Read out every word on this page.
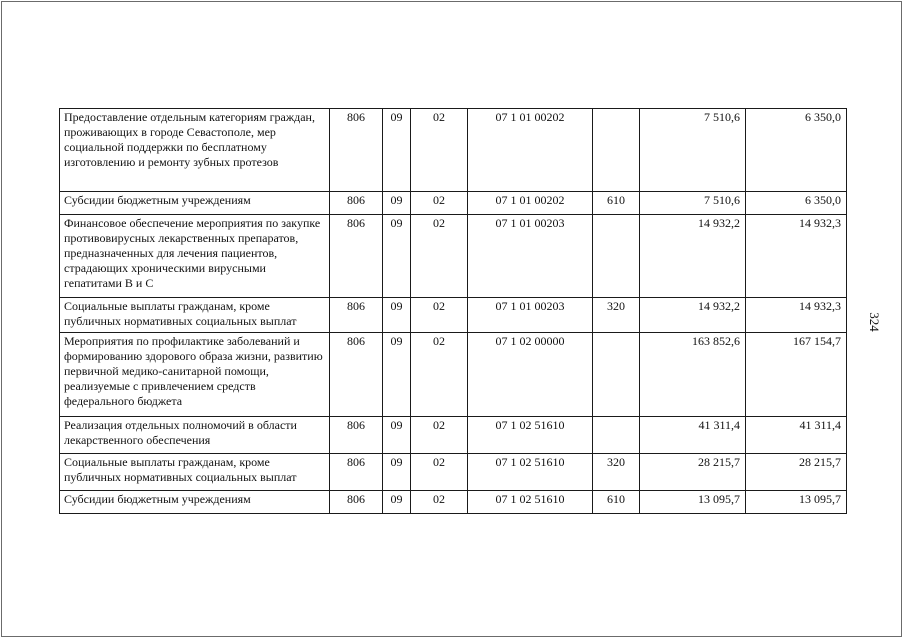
Предоставление отдельным категориям граждан, проживающих в городе Севастополе, мер социальной поддержки по бесплатному изготовлению и ремонту зубных протезов	806	09	02	07 1 01 00202		7 510,6	6 350,0
Субсидии бюджетным учреждениям	806	09	02	07 1 01 00202	610	7 510,6	6 350,0
Финансовое обеспечение мероприятия по закупке противовирусных лекарственных препаратов, предназначенных для лечения пациентов, страдающих хроническими вирусными гепатитами В и С	806	09	02	07 1 01 00203		14 932,2	14 932,3
Социальные выплаты гражданам, кроме публичных нормативных социальных выплат	806	09	02	07 1 01 00203	320	14 932,2	14 932,3
Мероприятия по профилактике заболеваний и формированию здорового образа жизни, развитию первичной медико-санитарной помощи, реализуемые с привлечением средств федерального бюджета	806	09	02	07 1 02 00000		163 852,6	167 154,7
Реализация отдельных полномочий в области лекарственного обеспечения	806	09	02	07 1 02 51610		41 311,4	41 311,4
Социальные выплаты гражданам, кроме публичных нормативных социальных выплат	806	09	02	07 1 02 51610	320	28 215,7	28 215,7
Субсидии бюджетным учреждениям	806	09	02	07 1 02 51610	610	13 095,7	13 095,7
324
